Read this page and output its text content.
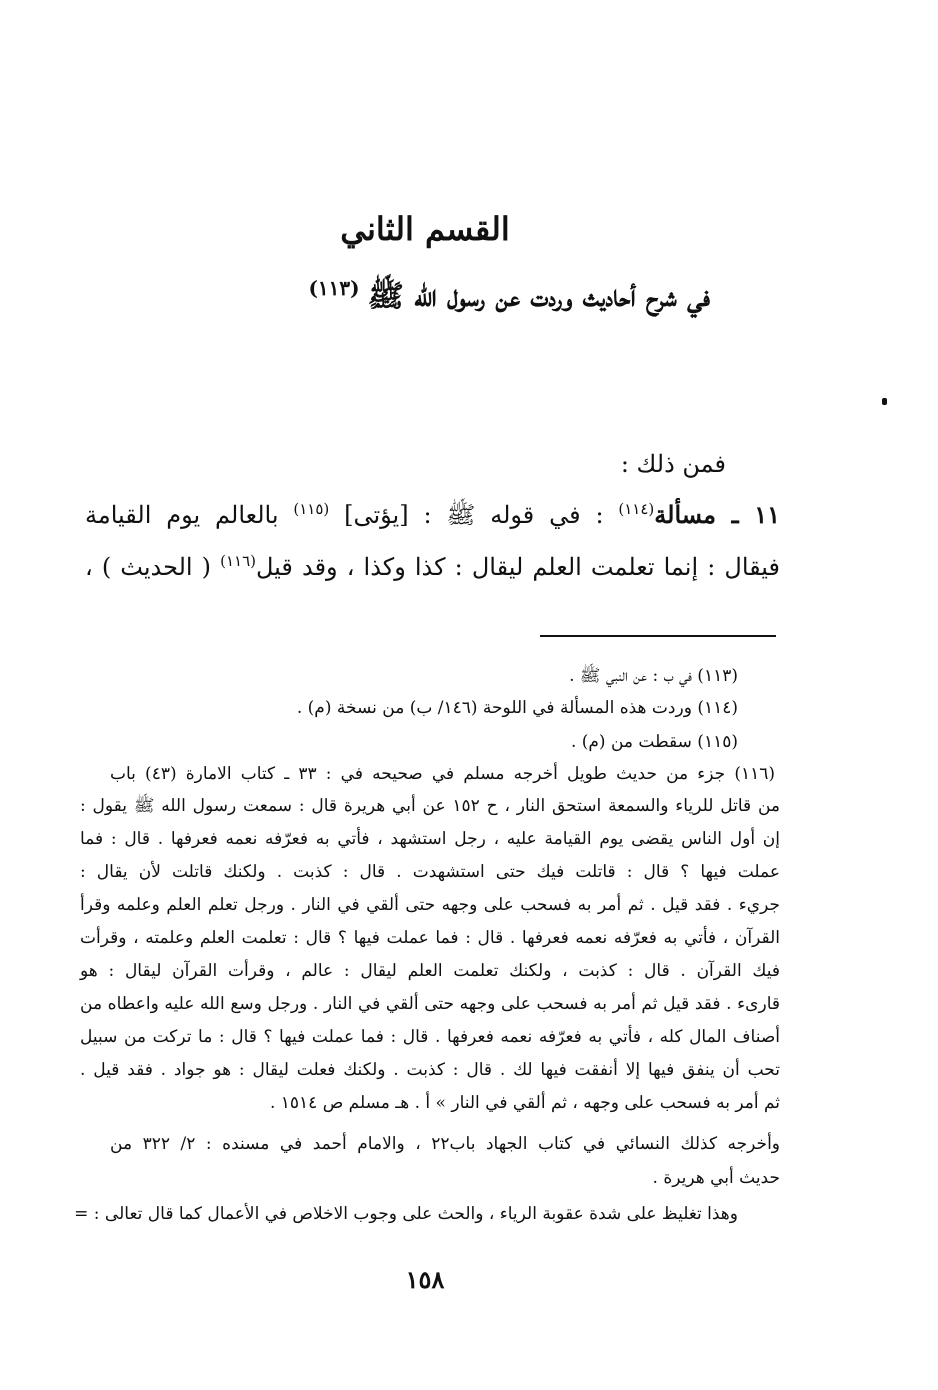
القسم الثاني
في شرح أحاديث وردت عن رسول الله ﷺ$^{(١١٣)}$
فمن ذلك :
١١ ـ مسألة$^{(١١٤)}$ : في قوله ﷺ : [يؤتى] $^{(١١٥)}$ بالعالم يوم القيامة
فيقال : إنما تعلمت العلم ليقال : كذا وكذا ، وقد قيل$^{(١١٦)}$ ( الحديث ) ،
(١١٣) في ب : عن النبي ﷺ .
(١١٤) وردت هذه المسألة في اللوحة (١٤٦/ ب) من نسخة (م) .
(١١٥) سقطت من (م) .
(١١٦) جزء من حديث طويل أخرجه مسلم في صحيحه في : ٣٣ ـ كتاب الامارة (٤٣) باب
من قاتل للرياء والسمعة استحق النار ، ح ١٥٢ عن أبي هريرة قال : سمعت رسول الله ﷺ يقول :
إن أول الناس يقضى يوم القيامة عليه ، رجل استشهد ، فأتي به فعرّفه نعمه فعرفها . قال : فما
عملت فيها ؟ قال : قاتلت فيك حتى استشهدت . قال : كذبت . ولكنك قاتلت لأن يقال :
جريء . فقد قيل . ثم أمر به فسحب على وجهه حتى ألقي في النار . ورجل تعلم العلم وعلمه وقرأ
القرآن ، فأتي به فعرّفه نعمه فعرفها . قال : فما عملت فيها ؟ قال : تعلمت العلم وعلمته ، وقرأت
فيك القرآن . قال : كذبت ، ولكنك تعلمت العلم ليقال : عالم ، وقرأت القرآن ليقال : هو
قارىء . فقد قيل ثم أمر به فسحب على وجهه حتى ألقي في النار . ورجل وسع الله عليه واعطاه من
أصناف المال كله ، فأتي به فعرّفه نعمه فعرفها . قال : فما عملت فيها ؟ قال : ما تركت من سبيل
تحب أن ينفق فيها إلا أنفقت فيها لك . قال : كذبت . ولكنك فعلت ليقال : هو جواد . فقد قيل .
ثم أمر به فسحب على وجهه ، ثم ألقي في النار » أ . هـ مسلم ص ١٥١٤ .
وأخرجه كذلك النسائي في كتاب الجهاد باب٢٢ ، والامام أحمد في مسنده : ٢/ ٣٢٢ من
حديث أبي هريرة .
وهذا تغليظ على شدة عقوبة الرياء ، والحث على وجوب الاخلاص في الأعمال كما قال تعالى : =
١٥٨
